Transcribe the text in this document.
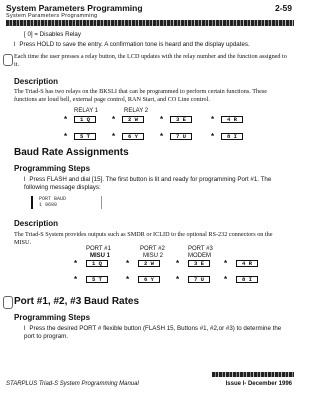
System Parameters Programming	2-59
System Parameters Programming
[ 0] = Disables Relay
l Press HOLD to save the entry. A confirmation tone is heard and the display updates.
Each time the user presses a relay button, the LCD updates with the relay number and the function assigned to it.
Description
The Triad-S has two relays on the BKSLI that can be programmed to perform certain functions. These functions are loud bell, external page control, RAN Start, and CO Line control.
RELAY 1	RELAY 2
*	1 Q	*	2 W	*	3 E	*	4 R
*	5 T	*	6 Y	*	7 U	*	8 I
Baud Rate Assignments
Programming Steps
l Press FLASH and dial [15]. The first button is lit and ready for programming Port #1. The following message displays:
PORT BAUD
1 9600
Description
The Triad-S System provides outputs such as SMDR or ICLID to the optional RS-232 connectors on the MISU.
PORT #1
MISU 1
PORT #2
MISU 2
PORT #3
MODEM
*	1 Q	*	2 W	*	3 E	*	4 R
*	5 T	*	6 Y	*	7 U	*	8 I
Port #1, #2, #3 Baud Rates
Programming Steps
l Press the desired PORT # flexible button (FLASH 15, Buttons #1, #2,or #3) to determine the port to program.
STARPLUS Triad-S System Programming Manual	Issue l- December 1996
